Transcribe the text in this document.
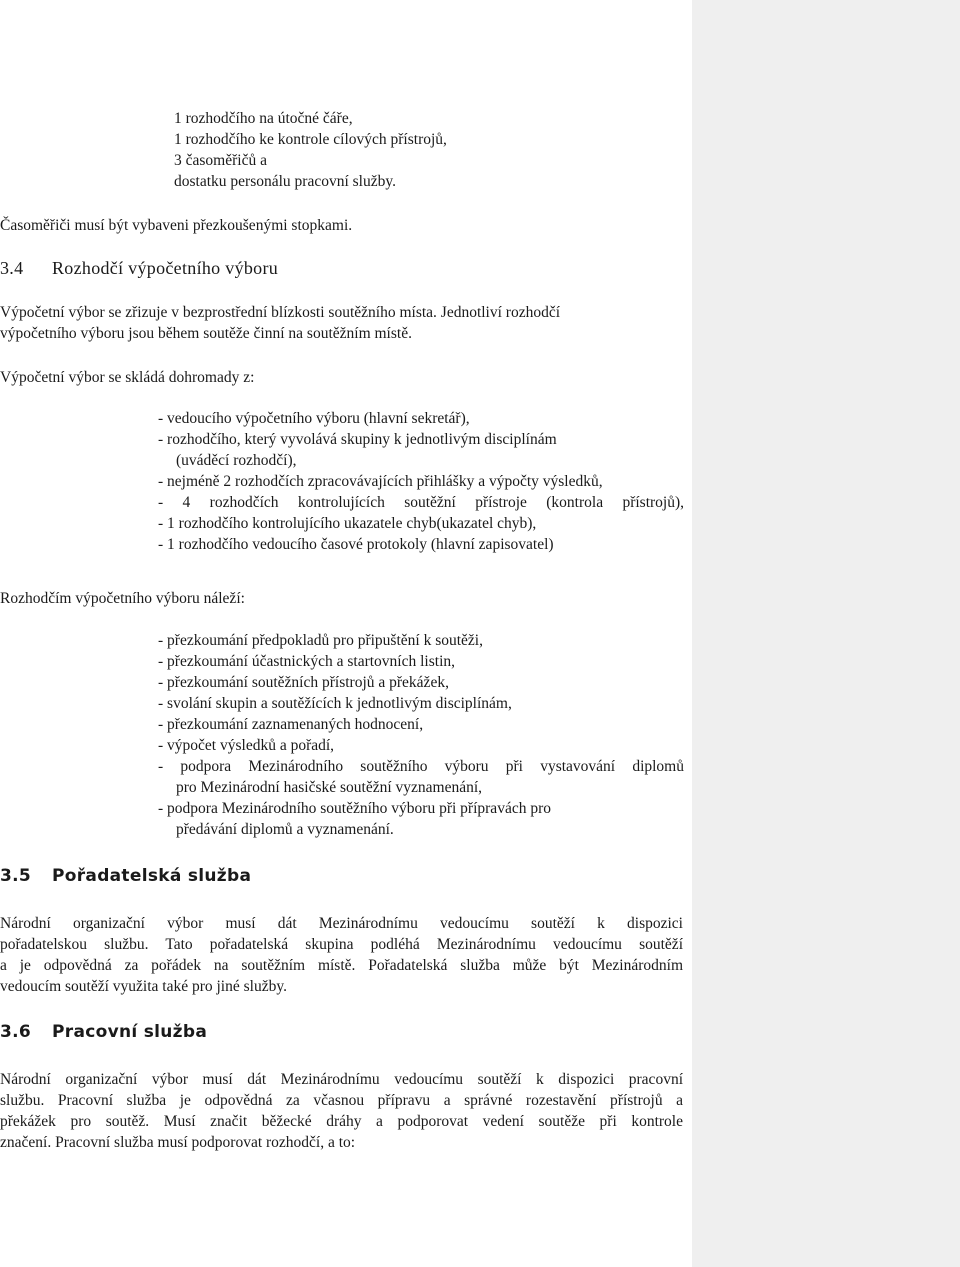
1 rozhodčího na útočné čáře,
1 rozhodčího ke kontrole cílových přístrojů,
3 časoměřičů a
dostatku personálu pracovní služby.

Časoměřiči musí být vybaveni přezkoušenými stopkami.

3.4 Rozhodčí výpočetního výboru
Výpočetní výbor se zřizuje v bezprostřední blízkosti soutěžního místa. Jednotliví rozhodčí
výpočetního výboru jsou během soutěže činní na soutěžním místě.

Výpočetní výbor se skládá dohromady z:

- vedoucího výpočetního výboru (hlavní sekretář),
- rozhodčího, který vyvolává skupiny k jednotlivým disciplínám
(uváděcí rozhodčí),
- nejméně 2 rozhodčích zpracovávajících přihlášky a výpočty výsledků,
- 4 rozhodčích kontrolujících soutěžní přístroje (kontrola přístrojů),
- 1 rozhodčího kontrolujícího ukazatele chyb(ukazatel chyb),
- 1 rozhodčího vedoucího časové protokoly (hlavní zapisovatel)

Rozhodčím výpočetního výboru náleží:

- přezkoumání předpokladů pro připuštění k soutěži,
- přezkoumání účastnických a startovních listin,
- přezkoumání soutěžních přístrojů a překážek,
- svolání skupin a soutěžících k jednotlivým disciplínám,
- přezkoumání zaznamenaných hodnocení,
- výpočet výsledků a pořadí,
- podpora Mezinárodního soutěžního výboru při vystavování diplomů
pro Mezinárodní hasičské soutěžní vyznamenání,
- podpora Mezinárodního soutěžního výboru při přípravách pro
předávání diplomů a vyznamenání.
3.5 Pořadatelská služba
Národní organizační výbor musí dát Mezinárodnímu vedoucímu soutěží k dispozici
pořadatelskou službu. Tato pořadatelská skupina podléhá Mezinárodnímu vedoucímu soutěží
a je odpovědná za pořádek na soutěžním místě. Pořadatelská služba může být Mezinárodním
vedoucím soutěží využita také pro jiné služby.
3.6 Pracovní služba
Národní organizační výbor musí dát Mezinárodnímu vedoucímu soutěží k dispozici pracovní
službu. Pracovní služba je odpovědná za včasnou přípravu a správné rozestavění přístrojů a
překážek pro soutěž. Musí značit běžecké dráhy a podporovat vedení soutěže při kontrole
značení. Pracovní služba musí podporovat rozhodčí, a to:
